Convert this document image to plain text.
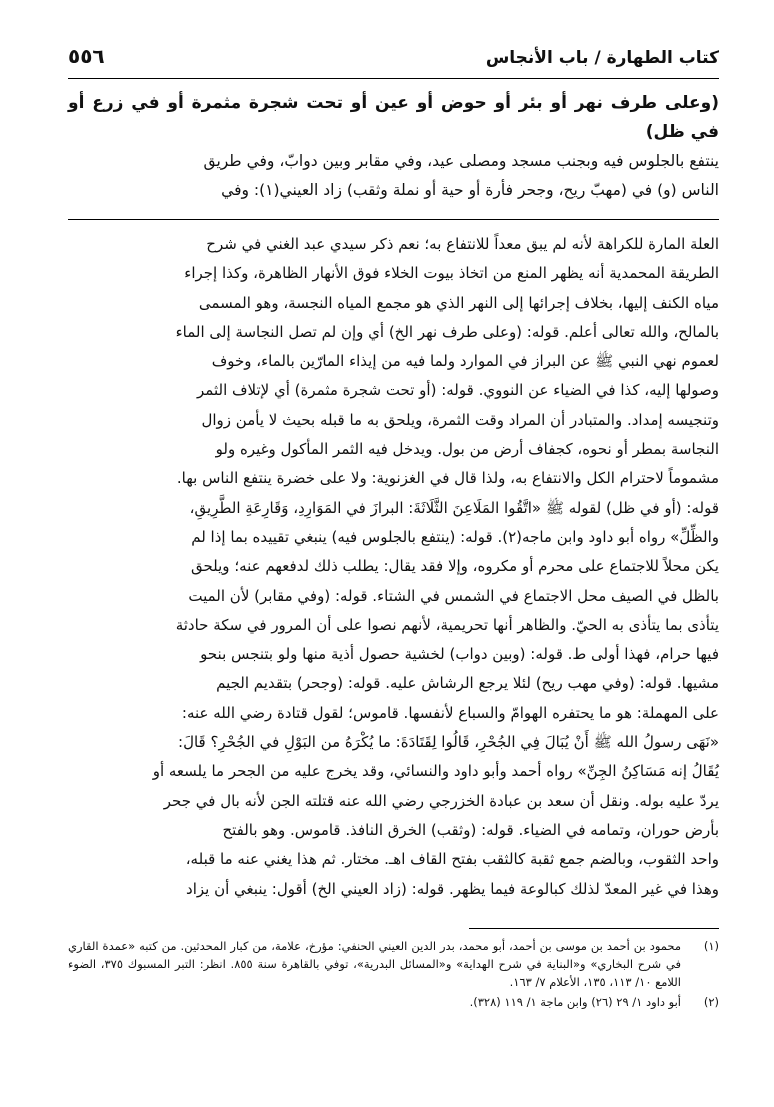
كتاب الطهارة / باب الأنجاس
٥٥٦

(وعلى طرف نهر أو بئر أو حوض أو عين أو تحت شجرة مثمرة أو في زرع أو في ظل)

ينتفع بالجلوس فيه وبجنب مسجد ومصلى عيد، وفي مقابر وبين دوابّ، وفي طريق

الناس (و) في (مهبّ ريح، وجحر فأرة أو حية أو نملة وثقب) زاد العيني(١): وفي

العلة المارة للكراهة لأنه لم يبق معداً للانتفاع به؛ نعم ذكر سيدي عبد الغني في شرح

الطريقة المحمدية أنه يظهر المنع من اتخاذ بيوت الخلاء فوق الأنهار الظاهرة، وكذا إجراء

مياه الكنف إليها، بخلاف إجرائها إلى النهر الذي هو مجمع المياه النجسة، وهو المسمى

بالمالح، والله تعالى أعلم. قوله: (وعلى طرف نهر الخ) أي وإن لم تصل النجاسة إلى الماء

لعموم نهي النبي ﷺ عن البراز في الموارد ولما فيه من إيذاء المارّين بالماء، وخوف

وصولها إليه، كذا في الضياء عن النووي. قوله: (أو تحت شجرة مثمرة) أي لإتلاف الثمر

وتنجيسه إمداد. والمتبادر أن المراد وقت الثمرة، ويلحق به ما قبله بحيث لا يأمن زوال

النجاسة بمطر أو نحوه، كجفاف أرض من بول. ويدخل فيه الثمر المأكول وغيره ولو

مشموماً لاحترام الكل والانتفاع به، ولذا قال في الغزنوية: ولا على خضرة ينتفع الناس بها.

قوله: (أو في ظل) لقوله ﷺ «اتَّقُوا المَلَاعِنَ الثَّلَاثَةَ: البرازَ في المَوَارِدِ، وَقَارِعَةِ الطَّرِيقِ،

والظِّلِّ» رواه أبو داود وابن ماجه(٢). قوله: (ينتفع بالجلوس فيه) ينبغي تقييده بما إذا لم

يكن محلاً للاجتماع على محرم أو مكروه، وإلا فقد يقال: يطلب ذلك لدفعهم عنه؛ ويلحق

بالظل في الصيف محل الاجتماع في الشمس في الشتاء. قوله: (وفي مقابر) لأن الميت

يتأذى بما يتأذى به الحيّ. والظاهر أنها تحريمية، لأنهم نصوا على أن المرور في سكة حادثة

فيها حرام، فهذا أولى ط. قوله: (وبين دواب) لخشية حصول أذية منها ولو بتنجس بنحو

مشيها. قوله: (وفي مهب ريح) لئلا يرجع الرشاش عليه. قوله: (وجحر) بتقديم الجيم

على المهملة: هو ما يحتفره الهوامّ والسباع لأنفسها. قاموس؛ لقول قتادة رضي الله عنه:

«نَهَى رسولُ الله ﷺ أَنْ يُبَالَ فِي الجُحْرِ، قَالُوا لِقَتَادَةَ: ما يُكْرَهُ من البَوْلِ في الجُحْرِ؟ قَالَ:

يُقَالُ إنه مَسَاكِنُ الجِنِّ» رواه أحمد وأبو داود والنسائي، وقد يخرج عليه من الجحر ما يلسعه أو

يردّ عليه بوله. ونقل أن سعد بن عبادة الخزرجي رضي الله عنه قتلته الجن لأنه بال في جحر

بأرض حوران، وتمامه في الضياء. قوله: (وثقب) الخرق النافذ. قاموس. وهو بالفتح

واحد الثقوب، وبالضم جمع ثقبة كالثقب بفتح القاف اهـ. مختار. ثم هذا يغني عنه ما قبله،

وهذا في غير المعدّ لذلك كبالوعة فيما يظهر. قوله: (زاد العيني الخ) أقول: ينبغي أن يزاد

(١)
محمود بن أحمد بن موسى بن أحمد، أبو محمد، بدر الدين العيني الحنفي: مؤرخ، علامة، من كبار المحدثين. من كتبه «عمدة القاري في شرح البخاري» و«البناية في شرح الهداية» و«المسائل البدرية»، توفي بالقاهرة سنة ٨٥٥. انظر: التبر المسبوك ٣٧٥، الضوء اللامع ١٠/ ١١٣، ١٣٥، الأعلام ٧/ ١٦٣.
(٢)
أبو داود ١/ ٢٩ (٢٦) وابن ماجة ١/ ١١٩ (٣٢٨).
